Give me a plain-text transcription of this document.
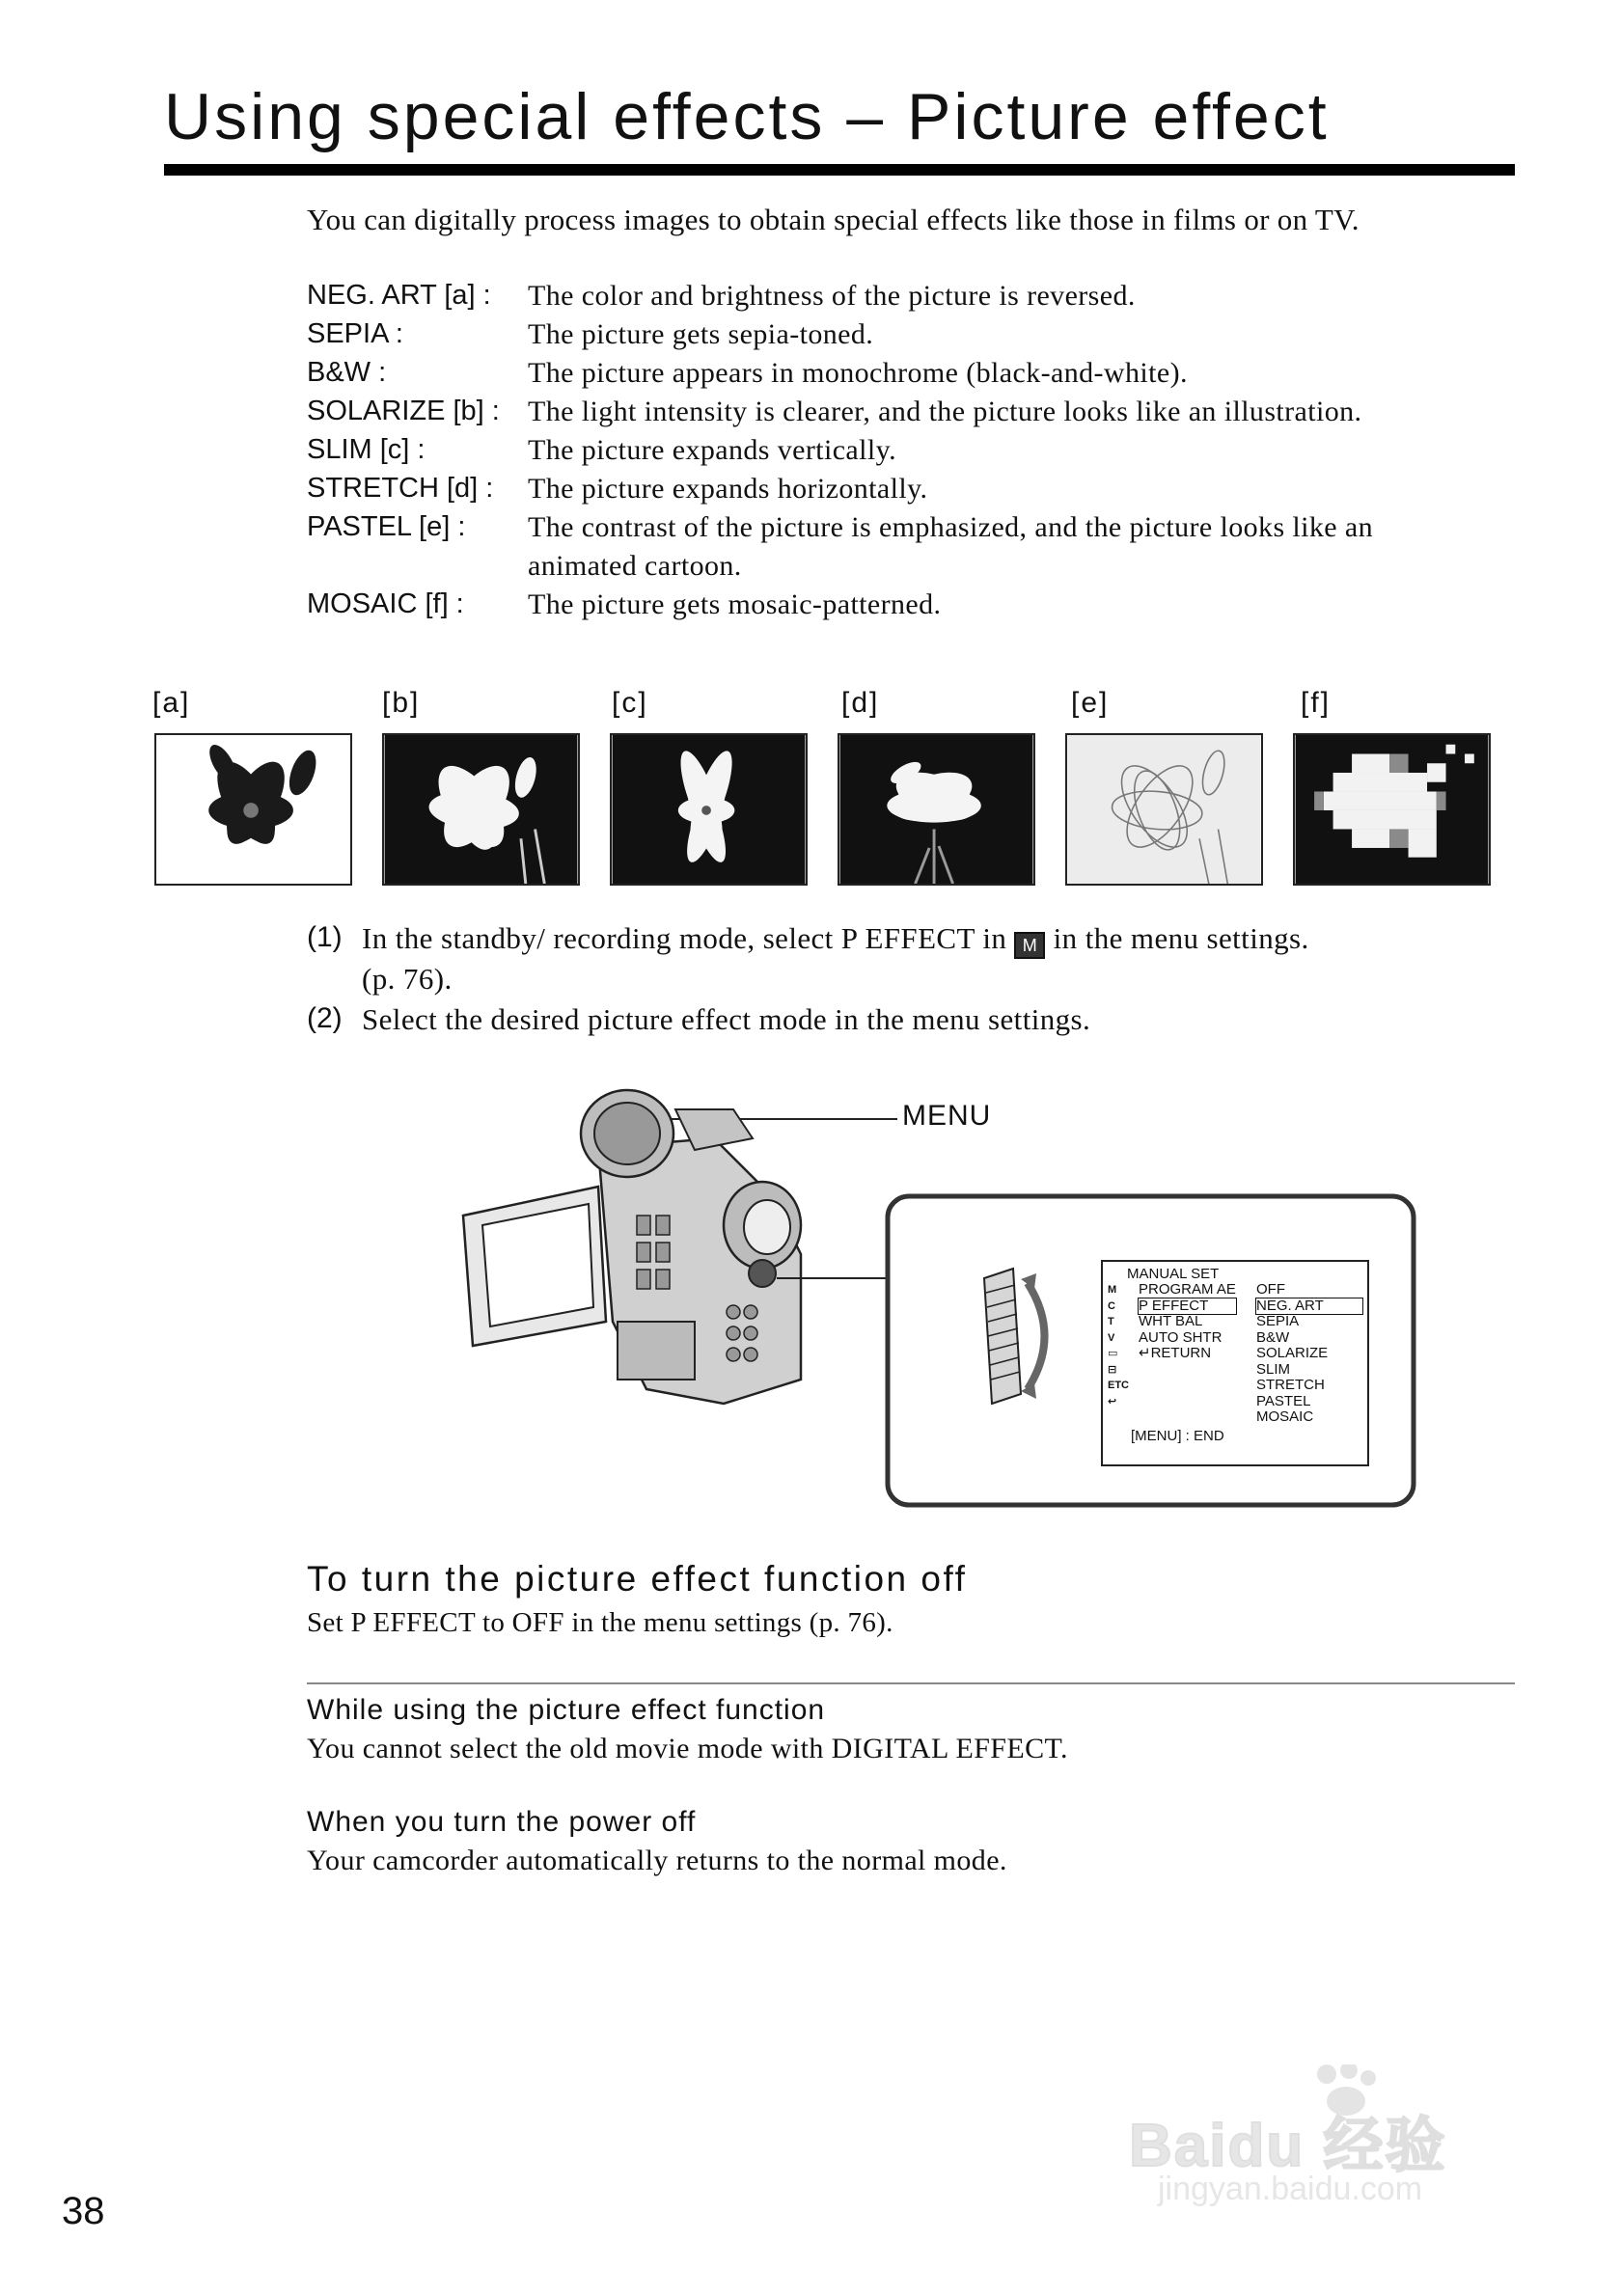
Using special effects – Picture effect
You can digitally process images to obtain special effects like those in films or on TV.
NEG. ART [a] : The color and brightness of the picture is reversed.
SEPIA :	The picture gets sepia-toned.
B&W :	The picture appears in monochrome (black-and-white).
SOLARIZE [b] : The light intensity is clearer, and the picture looks like an illustration.
SLIM [c] :	The picture expands vertically.
STRETCH [d] : The picture expands horizontally.
PASTEL [e] : The contrast of the picture is emphasized, and the picture looks like an
animated cartoon.
MOSAIC [f] : The picture gets mosaic-patterned.
[a]	[b]	[c]	[d]	[e]	[f]
(1) In the standby/ recording mode, select P EFFECT in M in the menu settings.
(p. 76).
(2) Select the desired picture effect mode in the menu settings.
MENU
MANUAL SET
M
C
T
V
▭
⊟
ETC
↩
PROGRAM AE
P EFFECT
WHT BAL
AUTO SHTR
↵RETURN
OFF
NEG. ART
SEPIA
B&W
SOLARIZE
SLIM
STRETCH
PASTEL
MOSAIC
[MENU] : END
To turn the picture effect function off
Set P EFFECT to OFF in the menu settings (p. 76).
While using the picture effect function
You cannot select the old movie mode with DIGITAL EFFECT.
When you turn the power off
Your camcorder automatically returns to the normal mode.
Baidu 经验
jingyan.baidu.com
38
